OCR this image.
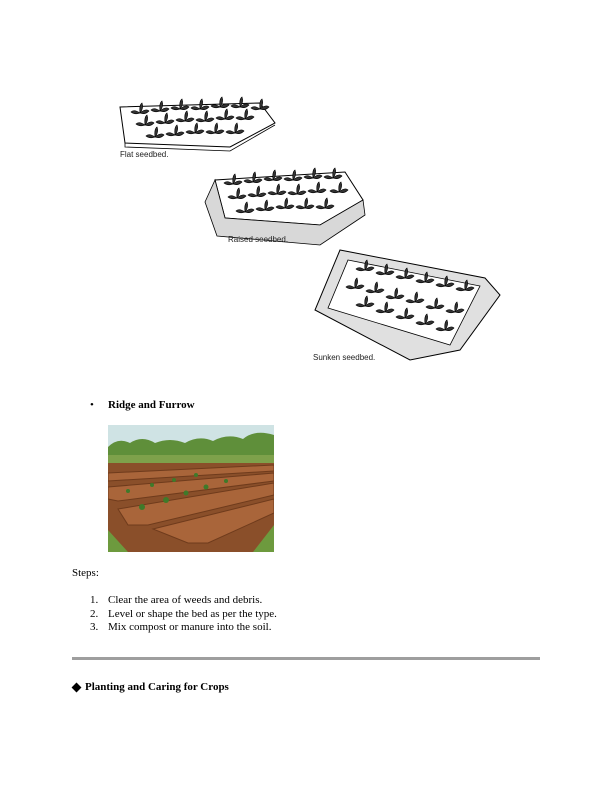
Flat seedbed.
Raised seedbed.
Sunken seedbed.
• Ridge and Furrow
Steps:
1. Clear the area of weeds and debris.
2. Level or shape the bed as per the type.
3. Mix compost or manure into the soil.
Planting and Caring for Crops
